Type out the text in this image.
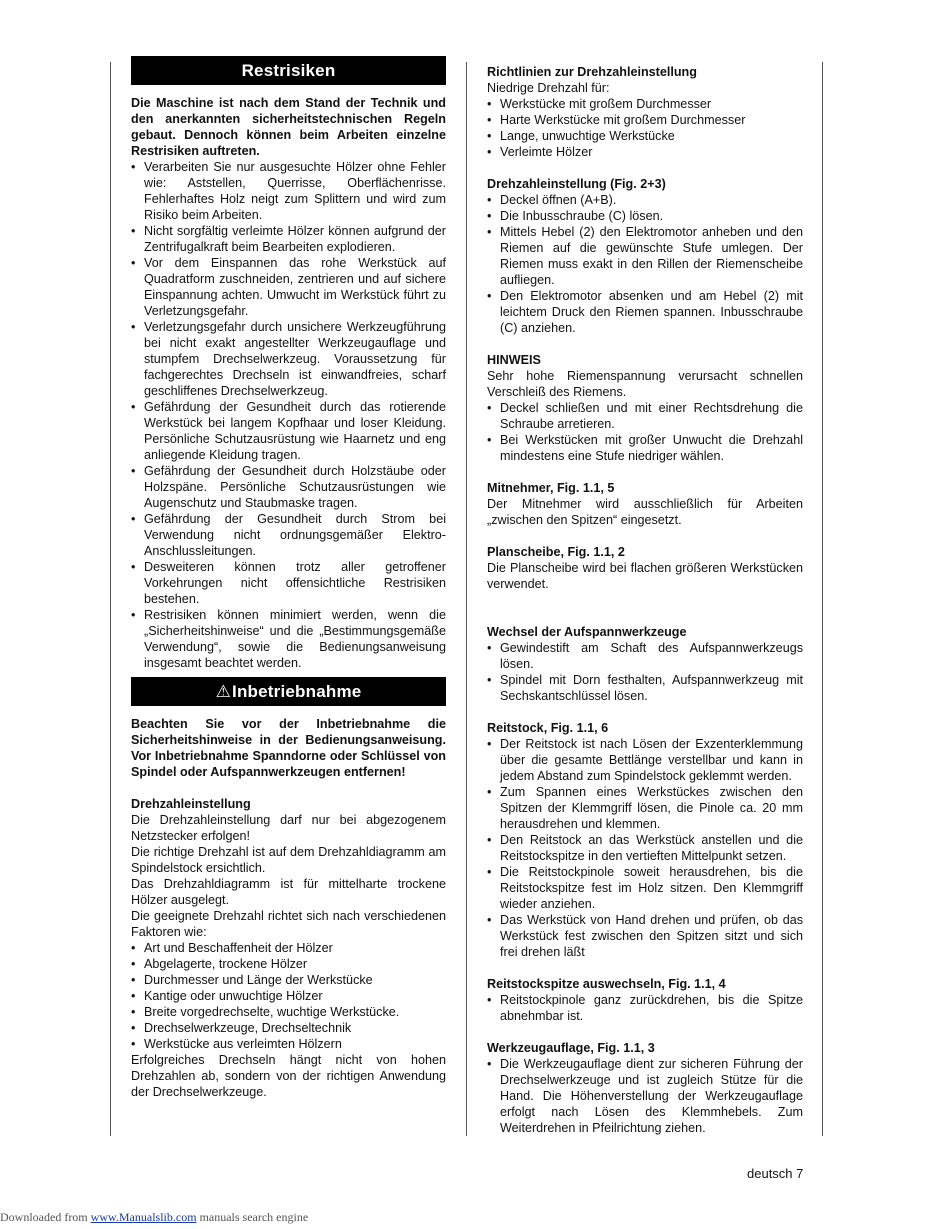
Restrisiken

Die Maschine ist nach dem Stand der Technik und den anerkannten sicherheitstechnischen Regeln gebaut. Dennoch können beim Arbeiten einzelne Restrisiken auftreten.

• Verarbeiten Sie nur ausgesuchte Hölzer ohne Fehler wie: Aststellen, Querrisse, Oberflächenrisse. Fehlerhaftes Holz neigt zum Splittern und wird zum Risiko beim Arbeiten.
• Nicht sorgfältig verleimte Hölzer können aufgrund der Zentrifugalkraft beim Bearbeiten explodieren.
• Vor dem Einspannen das rohe Werkstück auf Quadratform zuschneiden, zentrieren und auf sichere Einspannung achten. Umwucht im Werkstück führt zu Verletzungsgefahr.
• Verletzungsgefahr durch unsichere Werkzeugführung bei nicht exakt angestellter Werkzeugauflage und stumpfem Drechselwerkzeug. Voraussetzung für fachgerechtes Drechseln ist einwandfreies, scharf geschliffenes Drechselwerkzeug.
• Gefährdung der Gesundheit durch das rotierende Werkstück bei langem Kopfhaar und loser Kleidung. Persönliche Schutzausrüstung wie Haarnetz und eng anliegende Kleidung tragen.
• Gefährdung der Gesundheit durch Holzstäube oder Holzspäne. Persönliche Schutzausrüstungen wie Augenschutz und Staubmaske tragen.
• Gefährdung der Gesundheit durch Strom bei Verwendung nicht ordnungsgemäßer Elektro-Anschlussleitungen.
• Desweiteren können trotz aller getroffener Vorkehrungen nicht offensichtliche Restrisiken bestehen.
• Restrisiken können minimiert werden, wenn die „Sicherheitshinweise“ und die „Bestimmungsgemäße Verwendung“, sowie die Bedienungsanweisung insgesamt beachtet werden.
⚠Inbetriebnahme

Beachten Sie vor der Inbetriebnahme die Sicherheitshinweise in der Bedienungsanweisung. Vor Inbetriebnahme Spanndorne oder Schlüssel von Spindel oder Aufspannwerkzeugen entfernen!

Drehzahleinstellung

Die Drehzahleinstellung darf nur bei abgezogenem Netzstecker erfolgen!

Die richtige Drehzahl ist auf dem Drehzahldiagramm am Spindelstock ersichtlich.

Das Drehzahldiagramm ist für mittelharte trockene Hölzer ausgelegt.

Die geeignete Drehzahl richtet sich nach verschiedenen Faktoren wie:

• Art und Beschaffenheit der Hölzer
• Abgelagerte, trockene Hölzer
• Durchmesser und Länge der Werkstücke
• Kantige oder unwuchtige Hölzer
• Breite vorgedrechselte, wuchtige Werkstücke.
• Drechselwerkzeuge, Drechseltechnik
• Werkstücke aus verleimten Hölzern

Erfolgreiches Drechseln hängt nicht von hohen Drehzahlen ab, sondern von der richtigen Anwendung der Drechselwerkzeuge.

Richtlinien zur Drehzahleinstellung

Niedrige Drehzahl für:

• Werkstücke mit großem Durchmesser
• Harte Werkstücke mit großem Durchmesser
• Lange, unwuchtige Werkstücke
• Verleimte Hölzer
Drehzahleinstellung (Fig. 2+3)
• Deckel öffnen (A+B).
• Die Inbusschraube (C) lösen.
• Mittels Hebel (2) den Elektromotor anheben und den Riemen auf die gewünschte Stufe umlegen. Der Riemen muss exakt in den Rillen der Riemenscheibe aufliegen.
• Den Elektromotor absenken und am Hebel (2) mit leichtem Druck den Riemen spannen. Inbusschraube (C) anziehen.
HINWEIS

Sehr hohe Riemenspannung verursacht schnellen Verschleiß des Riemens.

• Deckel schließen und mit einer Rechtsdrehung die Schraube arretieren.
• Bei Werkstücken mit großer Unwucht die Drehzahl mindestens eine Stufe niedriger wählen.
Mitnehmer, Fig. 1.1, 5

Der Mitnehmer wird ausschließlich für Arbeiten „zwischen den Spitzen“ eingesetzt.

Planscheibe, Fig. 1.1, 2

Die Planscheibe wird bei flachen größeren Werkstücken verwendet.

Wechsel der Aufspannwerkzeuge
• Gewindestift am Schaft des Aufspannwerkzeugs lösen.
• Spindel mit Dorn festhalten, Aufspannwerkzeug mit Sechskantschlüssel lösen.
Reitstock, Fig. 1.1, 6
• Der Reitstock ist nach Lösen der Exzenterklemmung über die gesamte Bettlänge verstellbar und kann in jedem Abstand zum Spindelstock geklemmt werden.
• Zum Spannen eines Werkstückes zwischen den Spitzen der Klemmgriff lösen, die Pinole ca. 20 mm herausdrehen und klemmen.
• Den Reitstock an das Werkstück anstellen und die Reitstockspitze in den vertieften Mittelpunkt setzen.
• Die Reitstockpinole soweit herausdrehen, bis die Reitstockspitze fest im Holz sitzen. Den Klemmgriff wieder anziehen.
• Das Werkstück von Hand drehen und prüfen, ob das Werkstück fest zwischen den Spitzen sitzt und sich frei drehen läßt
Reitstockspitze auswechseln, Fig. 1.1, 4
• Reitstockpinole ganz zurückdrehen, bis die Spitze abnehmbar ist.
Werkzeugauflage, Fig. 1.1, 3
• Die Werkzeugauflage dient zur sicheren Führung der Drechselwerkzeuge und ist zugleich Stütze für die Hand. Die Höhenverstellung der Werkzeugauflage erfolgt nach Lösen des Klemmhebels. Zum Weiterdrehen in Pfeilrichtung ziehen.
deutsch 7
Downloaded from www.Manualslib.com manuals search engine
